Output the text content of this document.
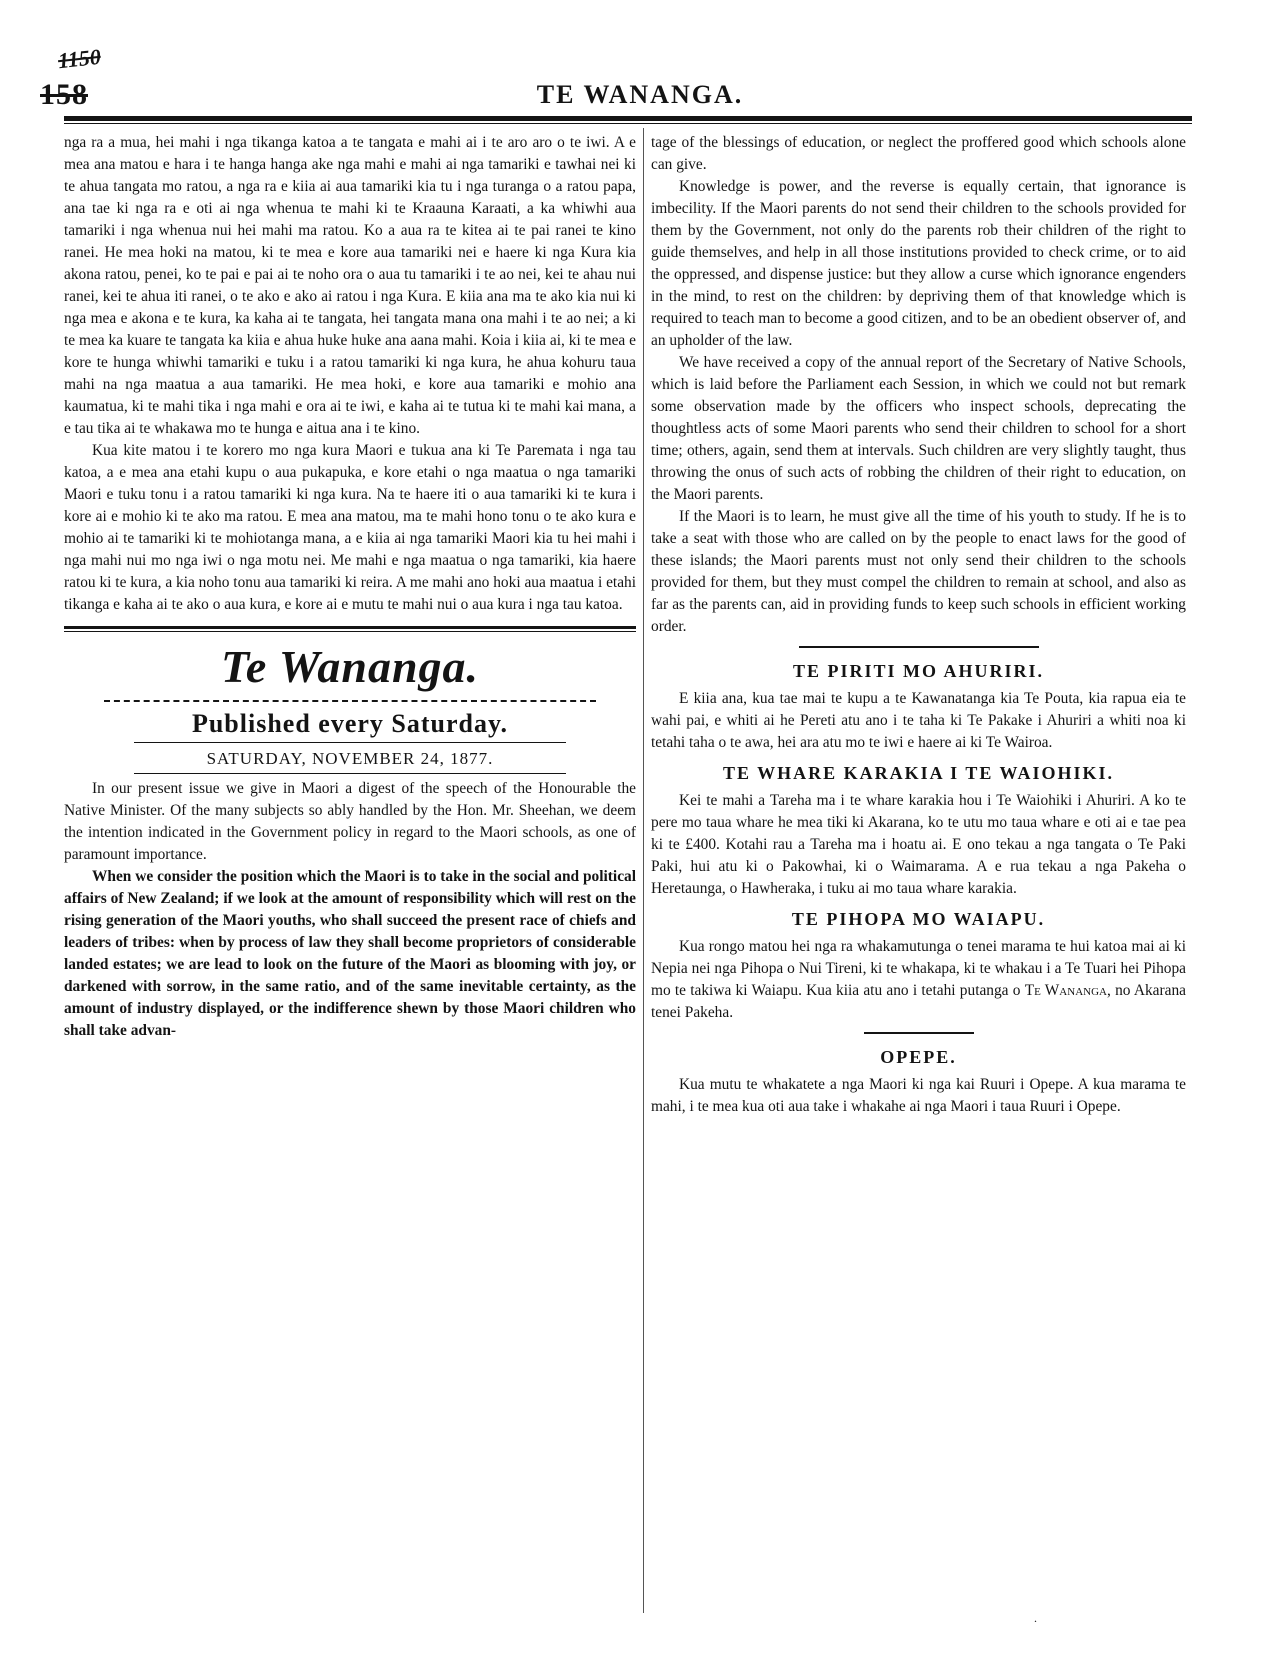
1150

158	TE WANANGA.

nga ra a mua, hei mahi i nga tikanga katoa a te tangata e mahi ai i te aro aro o te iwi. A e mea ana matou e hara i te hanga hanga ake nga mahi e mahi ai nga tamariki e tawhai nei ki te ahua tangata mo ratou, a nga ra e kiia ai aua tamariki kia tu i nga turanga o a ratou papa, ana tae ki nga ra e oti ai nga whenua te mahi ki te Kraauna Karaati, a ka whiwhi aua tamariki i nga whenua nui hei mahi ma ratou. Ko a aua ra te kitea ai te pai ranei te kino ranei. He mea hoki na matou, ki te mea e kore aua tamariki nei e haere ki nga Kura kia akona ratou, penei, ko te pai e pai ai te noho ora o aua tu tamariki i te ao nei, kei te ahau nui ranei, kei te ahua iti ranei, o te ako e ako ai ratou i nga Kura. E kiia ana ma te ako kia nui ki nga mea e akona e te kura, ka kaha ai te tangata, hei tangata mana ona mahi i te ao nei; a ki te mea ka kuare te tangata ka kiia e ahua huke huke ana aana mahi. Koia i kiia ai, ki te mea e kore te hunga whiwhi tamariki e tuku i a ratou tamariki ki nga kura, he ahua kohuru taua mahi na nga maatua a aua tamariki. He mea hoki, e kore aua tamariki e mohio ana kaumatua, ki te mahi tika i nga mahi e ora ai te iwi, e kaha ai te tutua ki te mahi kai mana, a e tau tika ai te whakawa mo te hunga e aitua ana i te kino.

Kua kite matou i te korero mo nga kura Maori e tukua ana ki Te Paremata i nga tau katoa, a e mea ana etahi kupu o aua pukapuka, e kore etahi o nga maatua o nga tamariki Maori e tuku tonu i a ratou tamariki ki nga kura. Na te haere iti o aua tamariki ki te kura i kore ai e mohio ki te ako ma ratou. E mea ana matou, ma te mahi hono tonu o te ako kura e mohio ai te tamariki ki te mohiotanga mana, a e kiia ai nga tamariki Maori kia tu hei mahi i nga mahi nui mo nga iwi o nga motu nei. Me mahi e nga maatua o nga tamariki, kia haere ratou ki te kura, a kia noho tonu aua tamariki ki reira. A me mahi ano hoki aua maatua i etahi tikanga e kaha ai te ako o aua kura, e kore ai e mutu te mahi nui o aua kura i nga tau katoa.

Te Wananga.

Published every Saturday.

SATURDAY, NOVEMBER 24, 1877.

In our present issue we give in Maori a digest of the speech of the Honourable the Native Minister. Of the many subjects so ably handled by the Hon. Mr. Sheehan, we deem the intention indicated in the Government policy in regard to the Maori schools, as one of paramount importance.

When we consider the position which the Maori is to take in the social and political affairs of New Zealand; if we look at the amount of responsibility which will rest on the rising generation of the Maori youths, who shall succeed the present race of chiefs and leaders of tribes: when by process of law they shall become proprietors of considerable landed estates; we are lead to look on the future of the Maori as blooming with joy, or darkened with sorrow, in the same ratio, and of the same inevitable certainty, as the amount of industry displayed, or the indifference shewn by those Maori children who shall take advan-

tage of the blessings of education, or neglect the proffered good which schools alone can give.

Knowledge is power, and the reverse is equally certain, that ignorance is imbecility. If the Maori parents do not send their children to the schools provided for them by the Government, not only do the parents rob their children of the right to guide themselves, and help in all those institutions provided to check crime, or to aid the oppressed, and dispense justice: but they allow a curse which ignorance engenders in the mind, to rest on the children: by depriving them of that knowledge which is required to teach man to become a good citizen, and to be an obedient observer of, and an upholder of the law.

We have received a copy of the annual report of the Secretary of Native Schools, which is laid before the Parliament each Session, in which we could not but remark some observation made by the officers who inspect schools, deprecating the thoughtless acts of some Maori parents who send their children to school for a short time; others, again, send them at intervals. Such children are very slightly taught, thus throwing the onus of such acts of robbing the children of their right to education, on the Maori parents.

If the Maori is to learn, he must give all the time of his youth to study. If he is to take a seat with those who are called on by the people to enact laws for the good of these islands; the Maori parents must not only send their children to the schools provided for them, but they must compel the children to remain at school, and also as far as the parents can, aid in providing funds to keep such schools in efficient working order.

TE PIRITI MO AHURIRI.

E kiia ana, kua tae mai te kupu a te Kawanatanga kia Te Pouta, kia rapua eia te wahi pai, e whiti ai he Pereti atu ano i te taha ki Te Pakake i Ahuriri a whiti noa ki tetahi taha o te awa, hei ara atu mo te iwi e haere ai ki Te Wairoa.

TE WHARE KARAKIA I TE WAIOHIKI.

Kei te mahi a Tareha ma i te whare karakia hou i Te Waiohiki i Ahuriri. A ko te pere mo taua whare he mea tiki ki Akarana, ko te utu mo taua whare e oti ai e tae pea ki te £400. Kotahi rau a Tareha ma i hoatu ai. E ono tekau a nga tangata o Te Paki Paki, hui atu ki o Pakowhai, ki o Waimarama. A e rua tekau a nga Pakeha o Heretaunga, o Hawheraka, i tuku ai mo taua whare karakia.

TE PIHOPA MO WAIAPU.

Kua rongo matou hei nga ra whakamutunga o tenei marama te hui katoa mai ai ki Nepia nei nga Pihopa o Nui Tireni, ki te whakapa, ki te whakau i a Te Tuari hei Pihopa mo te takiwa ki Waiapu. Kua kiia atu ano i tetahi putanga o Te Wananga, no Akarana tenei Pakeha.

OPEPE.

Kua mutu te whakatete a nga Maori ki nga kai Ruuri i Opepe. A kua marama te mahi, i te mea kua oti aua take i whakahe ai nga Maori i taua Ruuri i Opepe.

.
